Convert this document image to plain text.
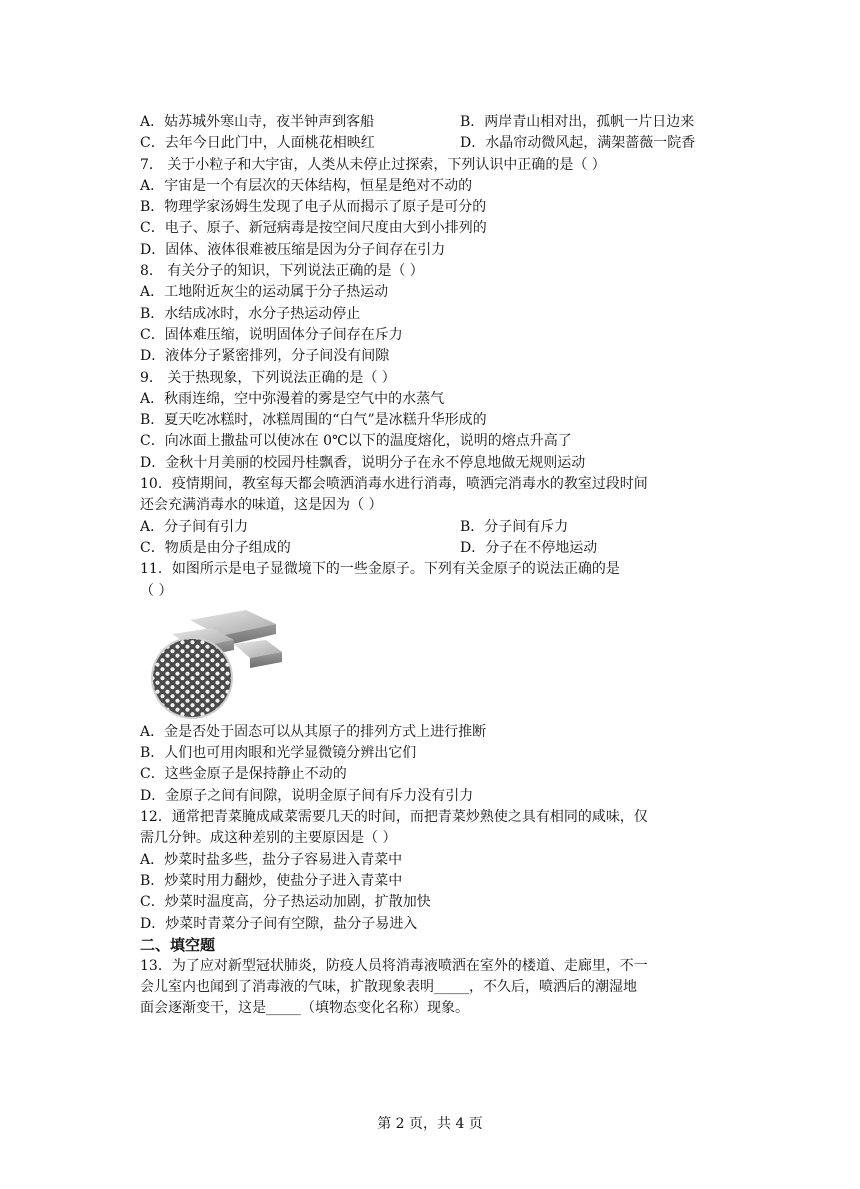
A．姑苏城外寒山寺，夜半钟声到客船	B．两岸青山相对出，孤帆一片日边来
C．去年今日此门中，人面桃花相映红	D．水晶帘动微风起，满架蔷薇一院香
7． 关于小粒子和大宇宙，人类从未停止过探索，下列认识中正确的是（ ）
A．宇宙是一个有层次的天体结构，恒星是绝对不动的
B．物理学家汤姆生发现了电子从而揭示了原子是可分的
C．电子、原子、新冠病毒是按空间尺度由大到小排列的
D．固体、液体很难被压缩是因为分子间存在引力
8． 有关分子的知识，下列说法正确的是（ ）
A．工地附近灰尘的运动属于分子热运动
B．水结成冰时，水分子热运动停止
C．固体难压缩，说明固体分子间存在斥力
D．液体分子紧密排列，分子间没有间隙
9． 关于热现象，下列说法正确的是（ ）
A．秋雨连绵，空中弥漫着的雾是空气中的水蒸气
B．夏天吃冰糕时，冰糕周围的“白气”是冰糕升华形成的
C．向冰面上撒盐可以使冰在 0℃以下的温度熔化，说明的熔点升高了
D．金秋十月美丽的校园丹桂飘香，说明分子在永不停息地做无规则运动
10．疫情期间，教室每天都会喷洒消毒水进行消毒，喷洒完消毒水的教室过段时间
还会充满消毒水的味道，这是因为（ ）
A．分子间有引力	B．分子间有斥力
C．物质是由分子组成的	D．分子在不停地运动
11．如图所示是电子显微境下的一些金原子。下列有关金原子的说法正确的是
（ ）
A．金是否处于固态可以从其原子的排列方式上进行推断
B．人们也可用肉眼和光学显微镜分辨出它们
C．这些金原子是保持静止不动的
D．金原子之间有间隙，说明金原子间有斥力没有引力
12．通常把青菜腌成咸菜需要几天的时间，而把青菜炒熟使之具有相同的咸味，仅
需几分钟。成这种差别的主要原因是（ ）
A．炒菜时盐多些，盐分子容易进入青菜中
B．炒菜时用力翻炒，使盐分子进入青菜中
C．炒菜时温度高，分子热运动加剧，扩散加快
D．炒菜时青菜分子间有空隙，盐分子易进入
二、填空题
13．为了应对新型冠状肺炎，防疫人员将消毒液喷洒在室外的楼道、走廊里，不一
会儿室内也闻到了消毒液的气味，扩散现象表明_____，不久后，喷洒后的潮湿地
面会逐渐变干，这是_____（填物态变化名称）现象。
第 2 页，共 4 页
